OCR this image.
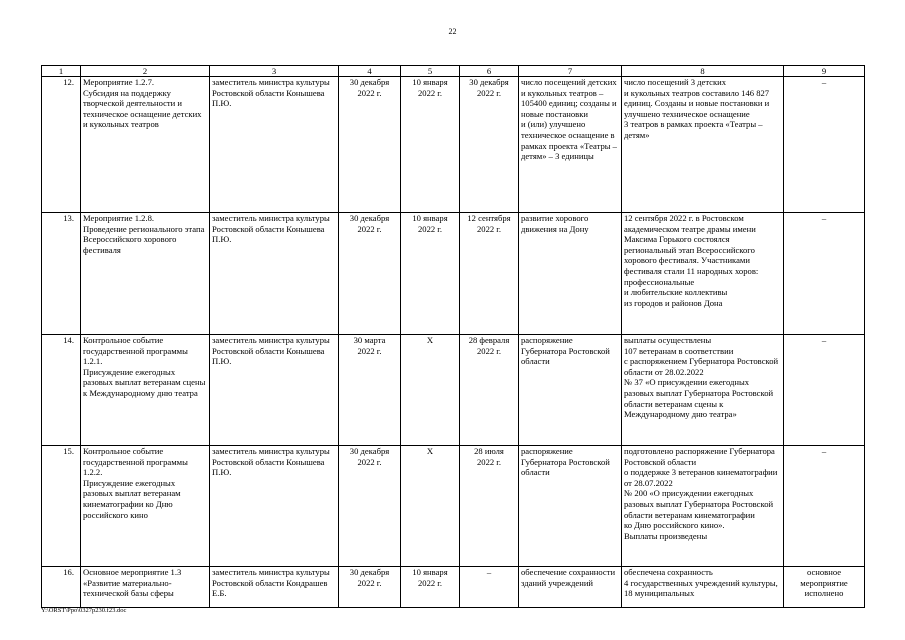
22
1	2	3	4	5	6	7	8	9

12.	Мероприятие 1.2.7.
Субсидия на поддержку творческой деятельности и техническое оснащение детских и кукольных театров	заместитель министра культуры Ростовской области Конышева П.Ю.	30 декабря
2022 г.	10 января
2022 г.	30 декабря
2022 г.	число посещений детских и кукольных театров –
105400 единиц; созданы и новые постановки
и (или) улучшено техническое оснащение в рамках проекта «Театры – детям» – 3 единицы	число посещений 3 детских
и кукольных театров составило 146 827 единиц. Созданы и новые постановки и улучшено техническое оснащение
3 театров в рамках проекта «Театры – детям»	–

13.	Мероприятие 1.2.8.
Проведение регионального этапа Всероссийского хорового фестиваля	заместитель министра культуры Ростовской области Конышева П.Ю.	30 декабря
2022 г.	10 января
2022 г.	12 сентября
2022 г.	развитие хорового движения на Дону	12 сентября 2022 г. в Ростовском академическом театре драмы имени Максима Горького состоялся региональный этап Всероссийского хорового фестиваля. Участниками фестиваля стали 11 народных хоров: профессиональные
и любительские коллективы
из городов и районов Дона	–

14.	Контрольное событие государственной программы 1.2.1.
Присуждение ежегодных разовых выплат ветеранам сцены к Международному дню театра	заместитель министра культуры Ростовской области Конышева П.Ю.	30 марта
2022 г.	Х	28 февраля
2022 г.	распоряжение Губернатора Ростовской области	выплаты осуществлены
107 ветеранам в соответствии
с распоряжением Губернатора Ростовской области от 28.02.2022
№ 37 «О присуждении ежегодных разовых выплат Губернатора Ростовской области ветеранам сцены к Международному дню театра»	–

15.	Контрольное событие государственной программы 1.2.2.
Присуждение ежегодных разовых выплат ветеранам кинематографии ко Дню российского кино	заместитель министра культуры Ростовской области Конышева П.Ю.	30 декабря
2022 г.	Х	28 июля
2022 г.	распоряжение Губернатора Ростовской области	подготовлено распоряжение Губернатора Ростовской области
о поддержке 3 ветеранов кинематографии от 28.07.2022
№ 200 «О присуждении ежегодных разовых выплат Губернатора Ростовской области ветеранам кинематографии
ко Дню российского кино».
Выплаты произведены	–

16.	Основное мероприятие 1.3 «Развитие материально-технической базы сферы	заместитель министра культуры Ростовской области Кондрашев Е.Б.	30 декабря
2022 г.	10 января
2022 г.	–	обеспечение сохранности зданий учреждений	обеспечена сохранность
4 государственных учреждений культуры, 18 муниципальных	основное мероприятие исполнено
Y:\ORST\Ppo\0327p230.f23.doc
